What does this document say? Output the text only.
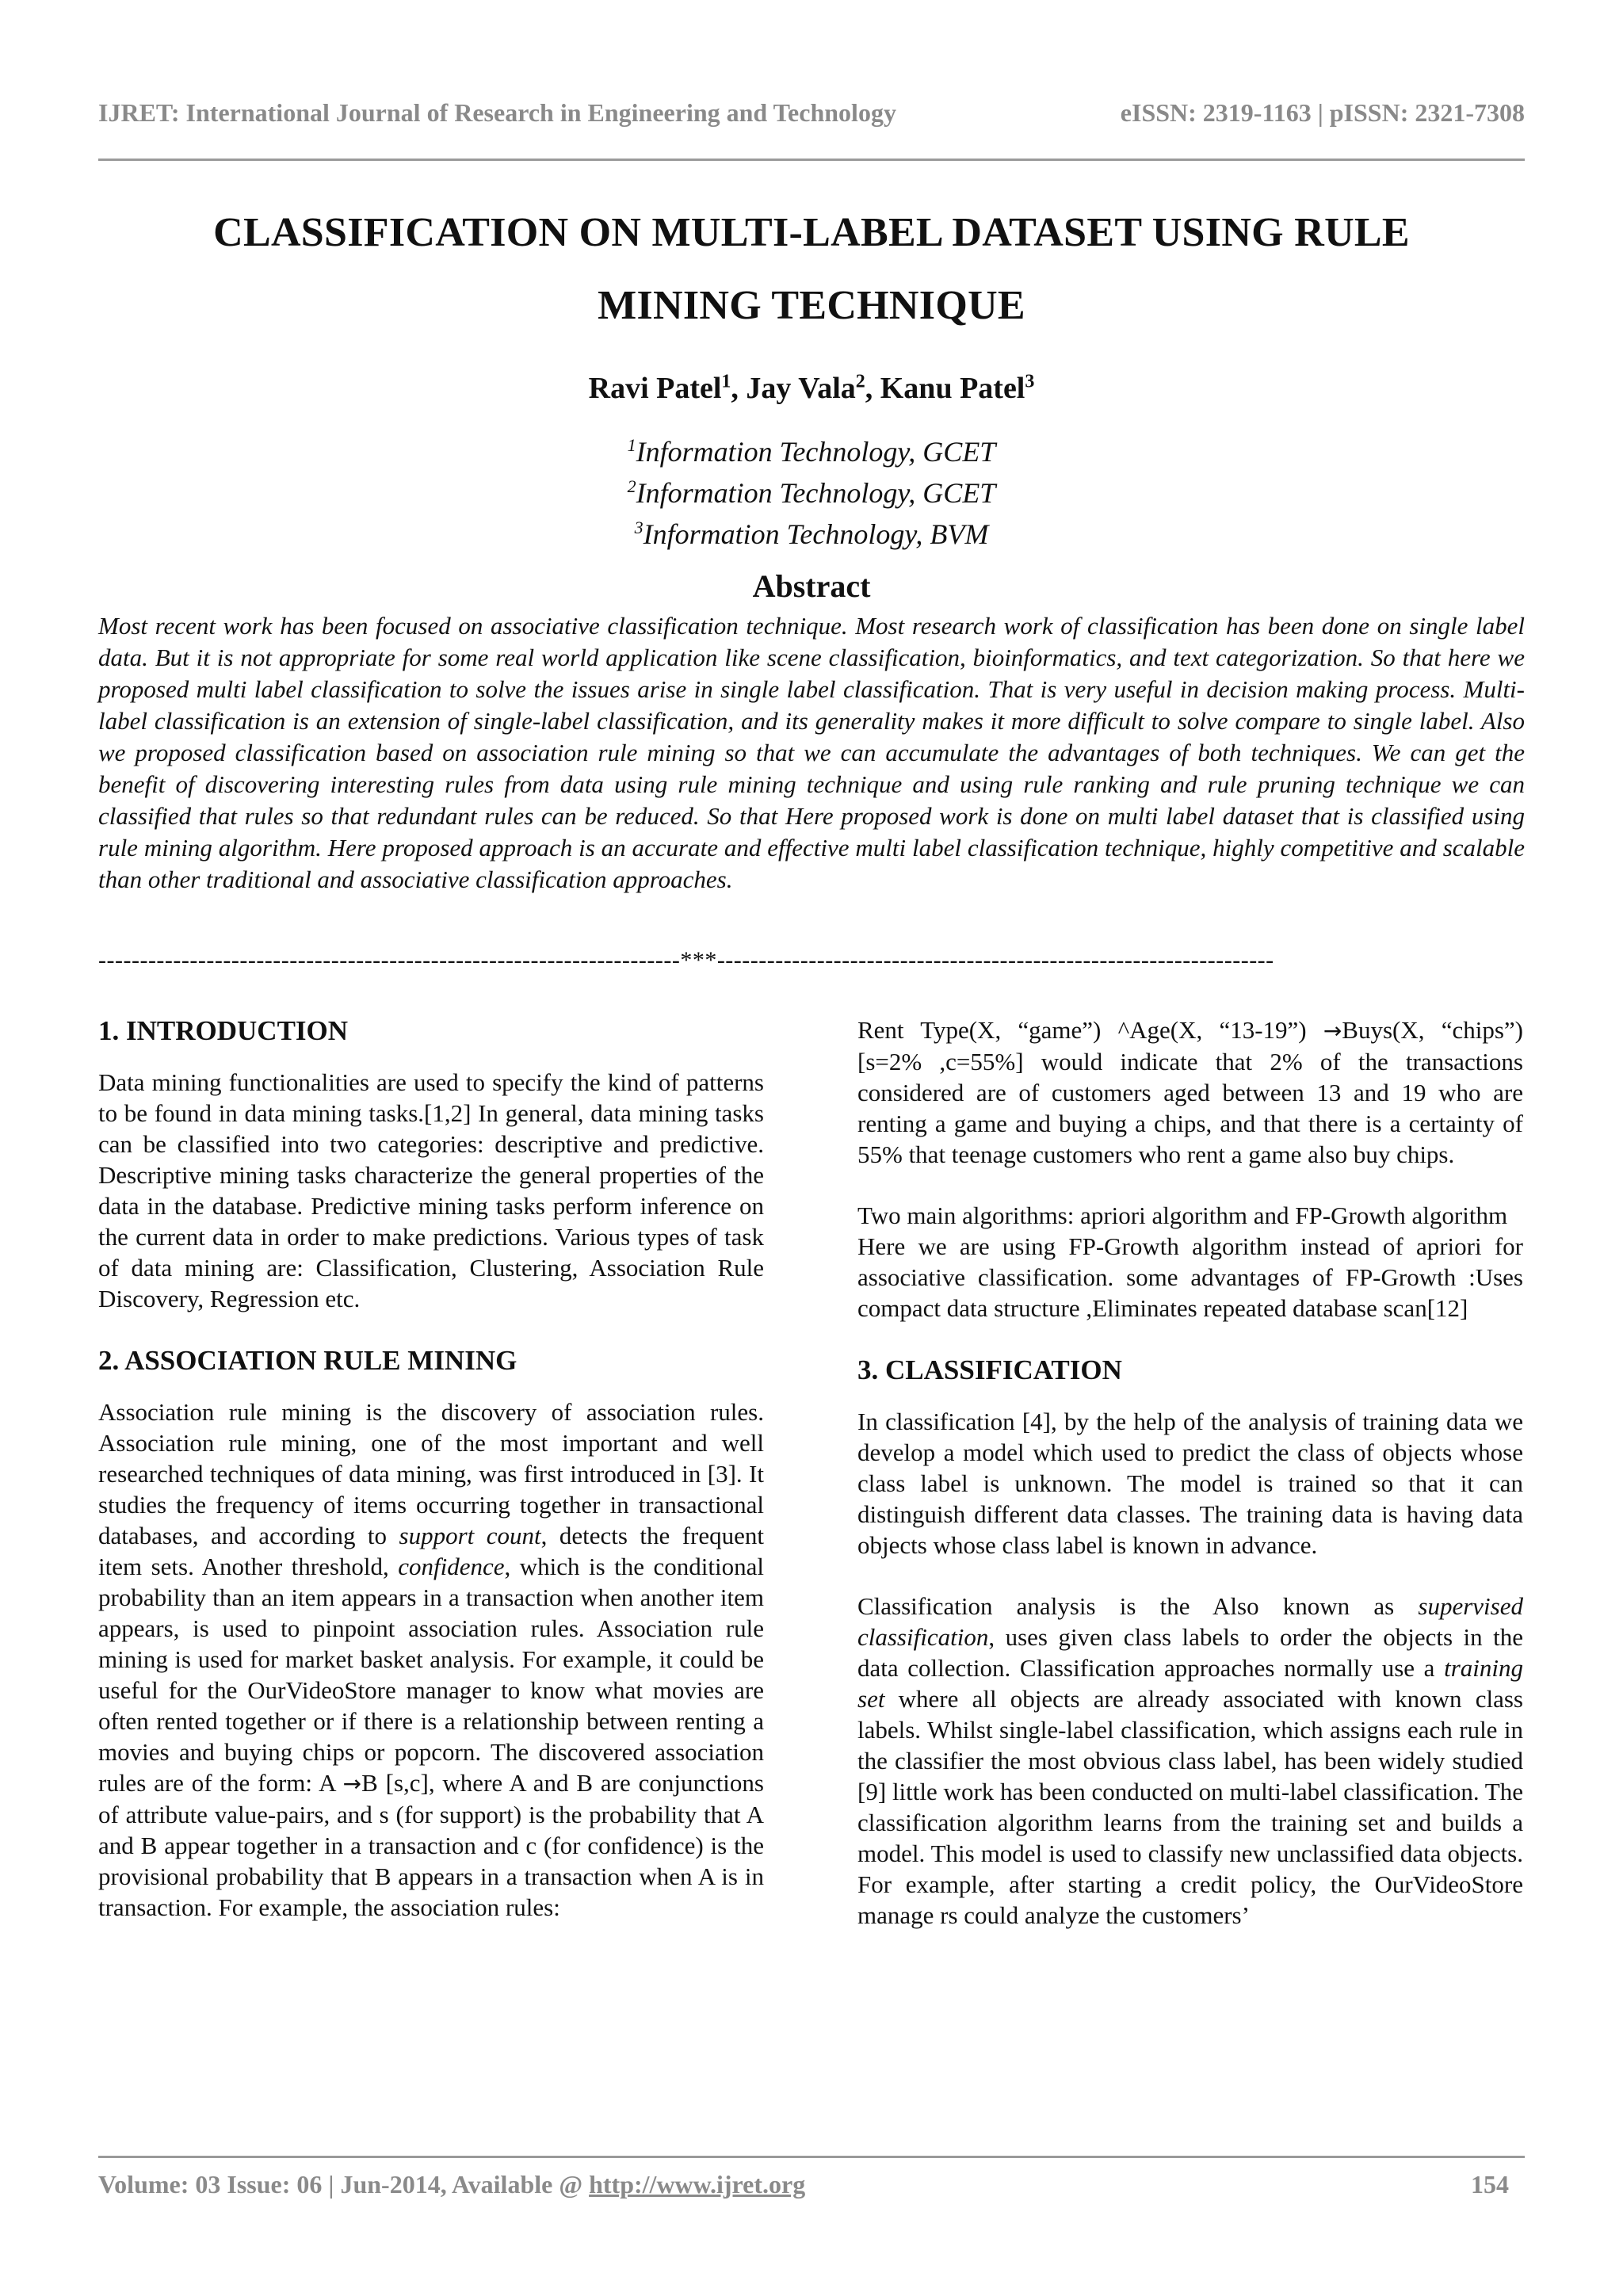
IJRET: International Journal of Research in Engineering and Technology	eISSN: 2319-1163 | pISSN: 2321-7308
CLASSIFICATION ON MULTI-LABEL DATASET USING RULE
MINING TECHNIQUE
Ravi Patel$^1$, Jay Vala$^2$, Kanu Patel$^3$
$^1$Information Technology, GCET
$^2$Information Technology, GCET
$^3$Information Technology, BVM
Abstract
Most recent work has been focused on associative classification technique. Most research work of classification has been done on single label data. But it is not appropriate for some real world application like scene classification, bioinformatics, and text categorization. So that here we proposed multi label classification to solve the issues arise in single label classification. That is very useful in decision making process. Multi-label classification is an extension of single-label classification, and its generality makes it more difficult to solve compare to single label. Also we proposed classification based on association rule mining so that we can accumulate the advantages of both techniques. We can get the benefit of discovering interesting rules from data using rule mining technique and using rule ranking and rule pruning technique we can classified that rules so that redundant rules can be reduced. So that Here proposed work is done on multi label dataset that is classified using rule mining algorithm. Here proposed approach is an accurate and effective multi label classification technique, highly competitive and scalable than other traditional and associative classification approaches.
----------------------------------------------------------------------***-------------------------------------------------------------------
1. INTRODUCTION

Data mining functionalities are used to specify the kind of patterns to be found in data mining tasks.[1,2] In general, data mining tasks can be classified into two categories: descriptive and predictive. Descriptive mining tasks characterize the general properties of the data in the database. Predictive mining tasks perform inference on the current data in order to make predictions. Various types of task of data mining are: Classification, Clustering, Association Rule Discovery, Regression etc.

2. ASSOCIATION RULE MINING

Association rule mining is the discovery of association rules. Association rule mining, one of the most important and well researched techniques of data mining, was first introduced in [3]. It studies the frequency of items occurring together in transactional databases, and according to support count, detects the frequent item sets. Another threshold, confidence, which is the conditional probability than an item appears in a transaction when another item appears, is used to pinpoint association rules. Association rule mining is used for market basket analysis. For example, it could be useful for the OurVideoStore manager to know what movies are often rented together or if there is a relationship between renting a movies and buying chips or popcorn. The discovered association rules are of the form: A →B [s,c], where A and B are conjunctions of attribute value-pairs, and s (for support) is the probability that A and B appear together in a transaction and c (for confidence) is the provisional probability that B appears in a transaction when A is in transaction. For example, the association rules:

Rent Type(X, “game”) ^Age(X, “13-19”) →Buys(X, “chips”) [s=2% ,c=55%] would indicate that 2% of the transactions considered are of customers aged between 13 and 19 who are renting a game and buying a chips, and that there is a certainty of 55% that teenage customers who rent a game also buy chips.

Two main algorithms: apriori algorithm and FP-Growth algorithm

Here we are using FP-Growth algorithm instead of apriori for associative classification. some advantages of FP-Growth :Uses compact data structure ,Eliminates repeated database scan[12]

3. CLASSIFICATION

In classification [4], by the help of the analysis of training data we develop a model which used to predict the class of objects whose class label is unknown. The model is trained so that it can distinguish different data classes. The training data is having data objects whose class label is known in advance.

Classification analysis is the Also known as supervised classification, uses given class labels to order the objects in the data collection. Classification approaches normally use a training set where all objects are already associated with known class labels. Whilst single-label classification, which assigns each rule in the classifier the most obvious class label, has been widely studied [9] little work has been conducted on multi-label classification. The classification algorithm learns from the training set and builds a model. This model is used to classify new unclassified data objects. For example, after starting a credit policy, the OurVideoStore manage rs could analyze the customers’

Volume: 03 Issue: 06 | Jun-2014, Available @ http://www.ijret.org	154
